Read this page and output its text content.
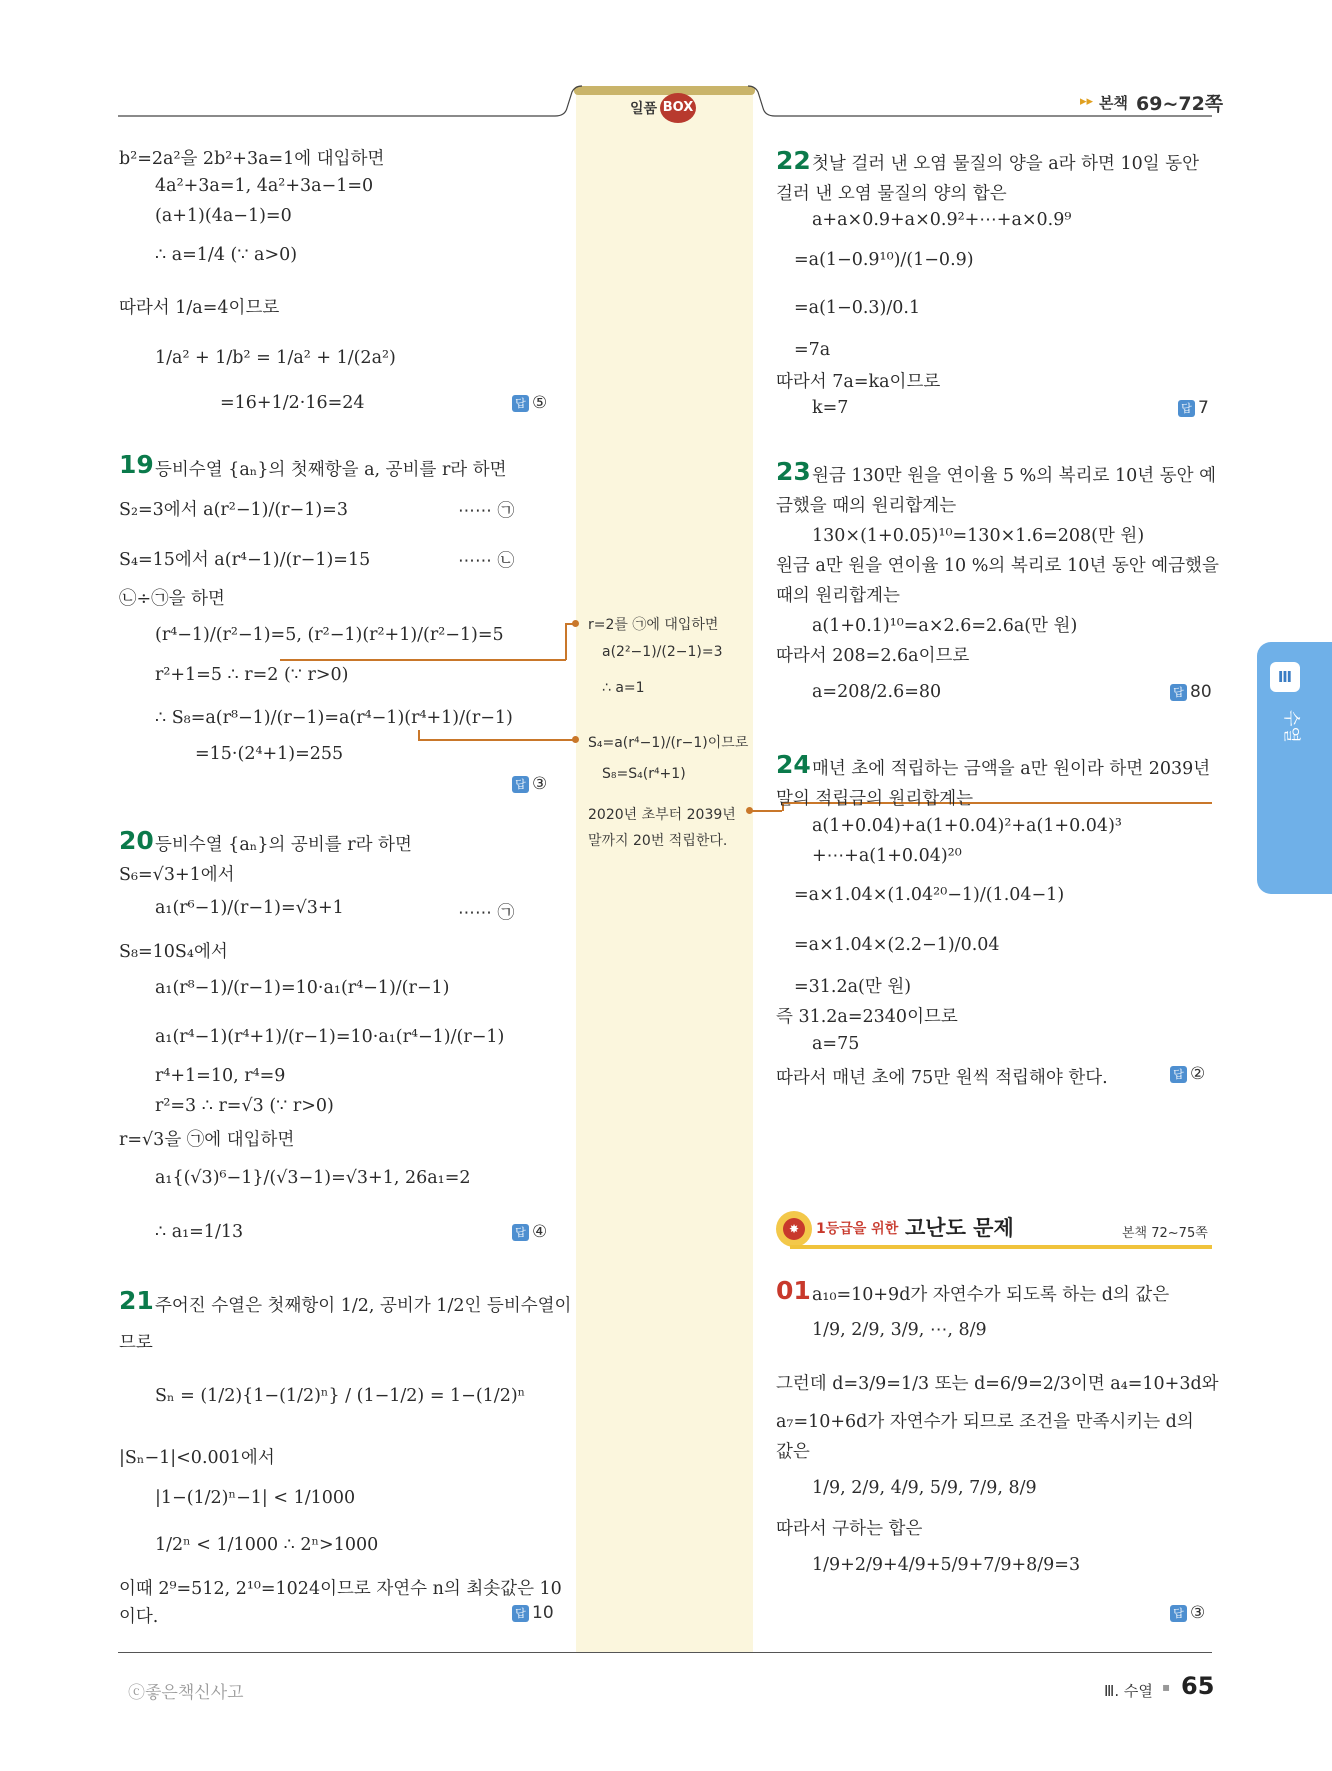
일품 BOX	▸▸ 본책 69~72쪽
b²=2a²을 2b²+3a=1에 대입하면
4a²+3a=1, 4a²+3a−1=0
(a+1)(4a−1)=0
∴ a=1/4 (∵ a>0)
따라서 1/a=4이므로
1/a² + 1/b² = 1/a² + 1/(2a²)
=16+1/2·16=24	답 ⑤
19 등비수열 {aₙ}의 첫째항을 a, 공비를 r라 하면
S₂=3에서 a(r²−1)/(r−1)=3	⋯⋯ ㉠
S₄=15에서 a(r⁴−1)/(r−1)=15	⋯⋯ ㉡
㉡÷㉠을 하면
(r⁴−1)/(r²−1)=5, (r²−1)(r²+1)/(r²−1)=5
r²+1=5 ∴ r=2 (∵ r>0)
∴ S₈=a(r⁸−1)/(r−1)=a(r⁴−1)(r⁴+1)/(r−1)
=15·(2⁴+1)=255
답 ③
20 등비수열 {aₙ}의 공비를 r라 하면
S₆=√3+1에서
a₁(r⁶−1)/(r−1)=√3+1	⋯⋯ ㉠
S₈=10S₄에서
a₁(r⁸−1)/(r−1)=10·a₁(r⁴−1)/(r−1)
a₁(r⁴−1)(r⁴+1)/(r−1)=10·a₁(r⁴−1)/(r−1)
r⁴+1=10, r⁴=9
r²=3 ∴ r=√3 (∵ r>0)
r=√3을 ㉠에 대입하면
a₁{(√3)⁶−1}/(√3−1)=√3+1, 26a₁=2
∴ a₁=1/13	답 ④
21 주어진 수열은 첫째항이 1/2, 공비가 1/2인 등비수열이
므로
Sₙ = (1/2){1−(1/2)ⁿ} / (1−1/2) = 1−(1/2)ⁿ
|Sₙ−1|<0.001에서
|1−(1/2)ⁿ−1| < 1/1000
1/2ⁿ < 1/1000 ∴ 2ⁿ>1000
이때 2⁹=512, 2¹⁰=1024이므로 자연수 n의 최솟값은 10
이다.	답 10
r=2를 ㉠에 대입하면
a(2²−1)/(2−1)=3
∴ a=1
S₄=a(r⁴−1)/(r−1)이므로
S₈=S₄(r⁴+1)
2020년 초부터 2039년
말까지 20번 적립한다.
22 첫날 걸러 낸 오염 물질의 양을 a라 하면 10일 동안
걸러 낸 오염 물질의 양의 합은
a+a×0.9+a×0.9²+⋯+a×0.9⁹
=a(1−0.9¹⁰)/(1−0.9)
=a(1−0.3)/0.1
=7a
따라서 7a=ka이므로
k=7	답 7
23 원금 130만 원을 연이율 5 %의 복리로 10년 동안 예
금했을 때의 원리합계는
130×(1+0.05)¹⁰=130×1.6=208(만 원)
원금 a만 원을 연이율 10 %의 복리로 10년 동안 예금했을
때의 원리합계는
a(1+0.1)¹⁰=a×2.6=2.6a(만 원)
따라서 208=2.6a이므로
a=208/2.6=80	답 80
24 매년 초에 적립하는 금액을 a만 원이라 하면 2039년
말의 적립금의 원리합계는
a(1+0.04)+a(1+0.04)²+a(1+0.04)³
+⋯+a(1+0.04)²⁰
=a×1.04×(1.04²⁰−1)/(1.04−1)
=a×1.04×(2.2−1)/0.04
=31.2a(만 원)
즉 31.2a=2340이므로
a=75
따라서 매년 초에 75만 원씩 적립해야 한다.	답 ②
✸	1등급을 위한 고난도 문제	본책 72~75쪽
01 a₁₀=10+9d가 자연수가 되도록 하는 d의 값은
1/9, 2/9, 3/9, ⋯, 8/9
그런데 d=3/9=1/3 또는 d=6/9=2/3이면 a₄=10+3d와
a₇=10+6d가 자연수가 되므로 조건을 만족시키는 d의
값은
1/9, 2/9, 4/9, 5/9, 7/9, 8/9
따라서 구하는 합은
1/9+2/9+4/9+5/9+7/9+8/9=3
답 ③
Ⅲ
수열
ⓒ좋은책신사고	Ⅲ. 수열 ▪ 65
